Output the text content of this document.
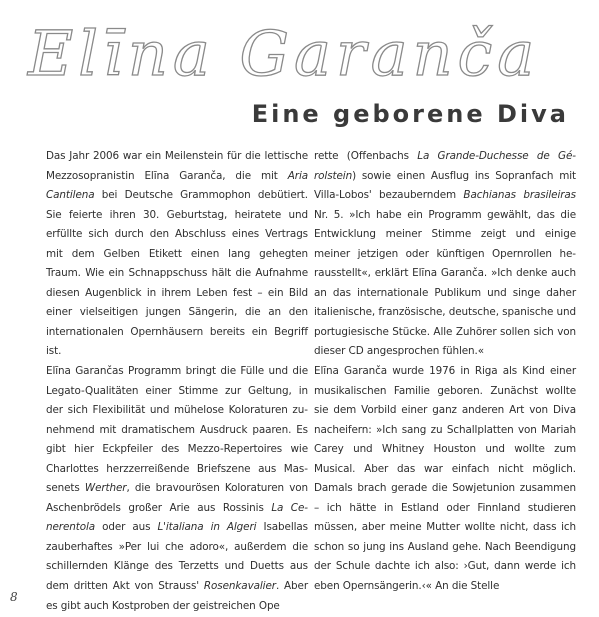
Elīna Garanča
Eine geborene Diva

Das Jahr 2006 war ein Meilenstein für die lettische Mezzosopranistin Elīna Garanča, die mit Aria Cantilena bei Deutsche Grammophon debütiert. Sie feierte ihren 30. Geburtstag, heiratete und erfüllte sich durch den Abschluss eines Vertrags mit dem Gelben Etikett einen lang gehegten Traum. Wie ein Schnappschuss hält die Aufnahme diesen Augenblick in ihrem Leben fest – ein Bild einer vielseitigen jungen Sängerin, die an den internationalen Opernhäusern bereits ein Begriff ist.

Elīna Garančas Programm bringt die Fülle und die Legato-Qualitäten einer Stimme zur Geltung, in der sich Flexibilität und mühelose Koloraturen zunehmend mit dramatischem Ausdruck paaren. Es gibt hier Eckpfeiler des Mezzo-Repertoires wie Charlottes herzzerreißende Briefszene aus Massenets Werther, die bravourösen Koloraturen von Aschenbrödels großer Arie aus Rossinis La Cenerentola oder aus L'italiana in Algeri Isabellas zauberhaftes »Per lui che adoro«, außerdem die schillernden Klänge des Terzetts und Duetts aus dem dritten Akt von Strauss' Rosenkavalier. Aber es gibt auch Kostproben der geistreichen Ope

rette (Offenbachs La Grande-Duchesse de Gérolstein) sowie einen Ausflug ins Sopranfach mit Villa-Lobos' bezauberndem Bachianas brasileiras Nr. 5. »Ich habe ein Programm gewählt, das die Entwicklung meiner Stimme zeigt und einige meiner jetzigen oder künftigen Opernrollen herausstellt«, erklärt Elīna Garanča. »Ich denke auch an das internationale Publikum und singe daher italienische, französische, deutsche, spanische und portugiesische Stücke. Alle Zuhörer sollen sich von dieser CD angesprochen fühlen.«

Elīna Garanča wurde 1976 in Riga als Kind einer musikalischen Familie geboren. Zunächst wollte sie dem Vorbild einer ganz anderen Art von Diva nacheifern: »Ich sang zu Schallplatten von Mariah Carey und Whitney Houston und wollte zum Musical. Aber das war einfach nicht möglich. Damals brach gerade die Sowjetunion zusammen – ich hätte in Estland oder Finnland studieren müssen, aber meine Mutter wollte nicht, dass ich schon so jung ins Ausland gehe. Nach Beendigung der Schule dachte ich also: ›Gut, dann werde ich eben Opernsängerin.‹« An die Stelle

8
